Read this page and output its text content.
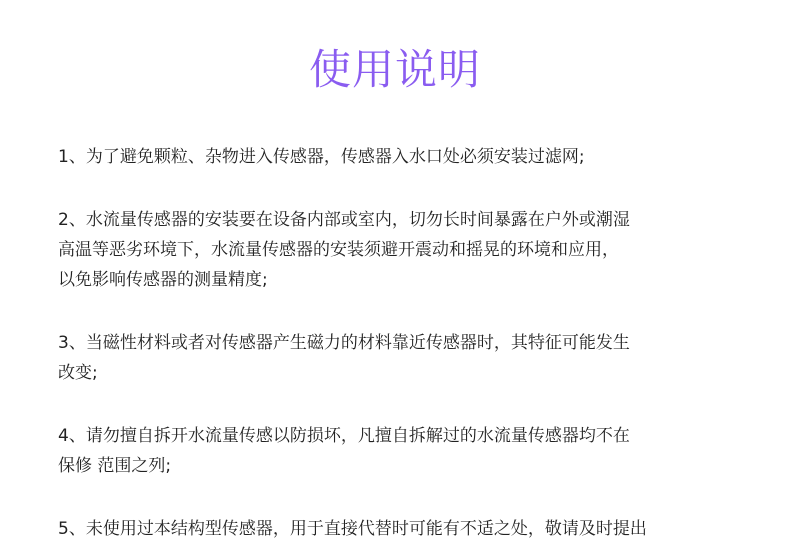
使用说明
1、为了避免颗粒、杂物进入传感器，传感器入水口处必须安装过滤网;
2、水流量传感器的安装要在设备内部或室内，切勿长时间暴露在户外或潮湿
高温等恶劣环境下，水流量传感器的安装须避开震动和摇晃的环境和应用，
以免影响传感器的测量精度;
3、当磁性材料或者对传感器产生磁力的材料靠近传感器时，其特征可能发生
改变;
4、请勿擅自拆开水流量传感以防损坏，凡擅自拆解过的水流量传感器均不在
保修 范围之列;
5、未使用过本结构型传感器，用于直接代替时可能有不适之处，敬请及时提出
